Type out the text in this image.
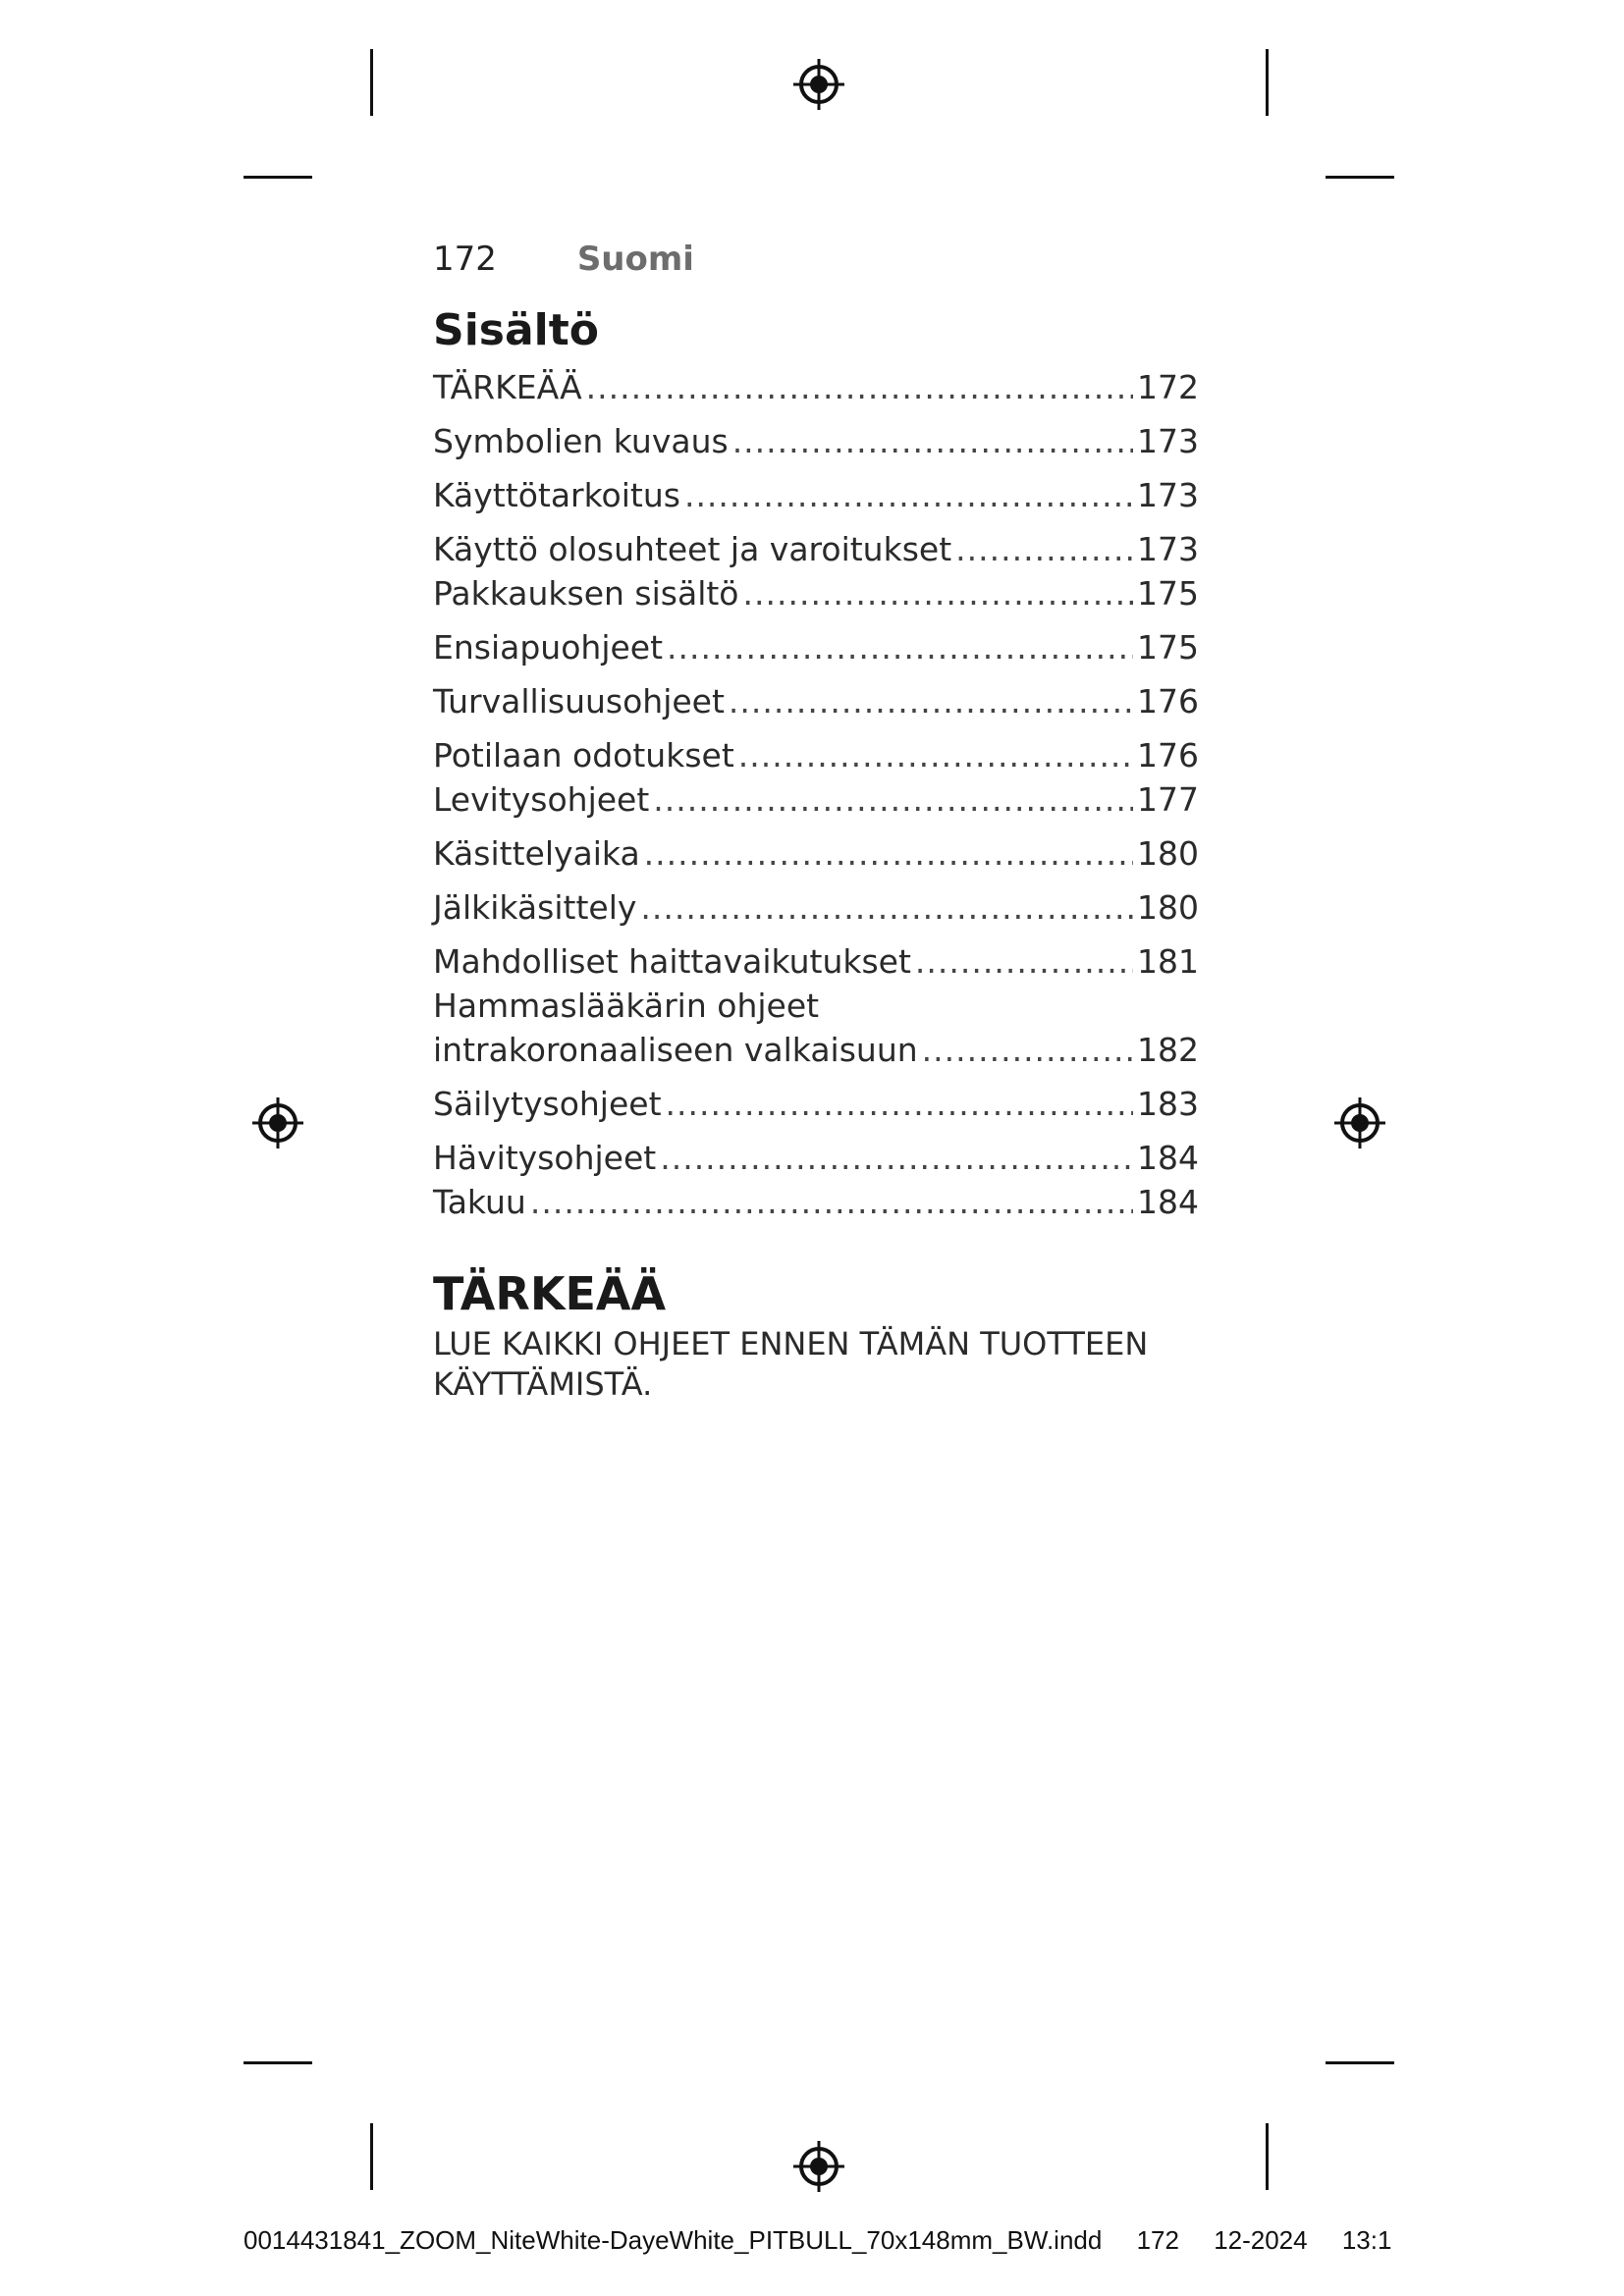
172 Suomi
Sisältö
TÄRKEÄÄ .....	172
Symbolien kuvaus .....	173
Käyttötarkoitus .....	173
Käyttö olosuhteet ja varoitukset .....	173
Pakkauksen sisältö .....	175
Ensiapuohjeet .....	175
Turvallisuusohjeet .....	176
Potilaan odotukset .....	176
Levitysohjeet .....	177
Käsittelyaika .....	180
Jälkikäsittely .....	180
Mahdolliset haittavaikutukset .....	181
Hammaslääkärin ohjeet
intrakoronaaliseen valkaisuun .....	182
Säilytysohjeet .....	183
Hävitysohjeet .....	184
Takuu .....	184
TÄRKEÄÄ
LUE KAIKKI OHJEET ENNEN TÄMÄN TUOTTEEN
KÄYTTÄMISTÄ.
0014431841_ZOOM_NiteWhite-DayeWhite_PITBULL_70x148mm_BW.indd 172 12-2024 13:1
